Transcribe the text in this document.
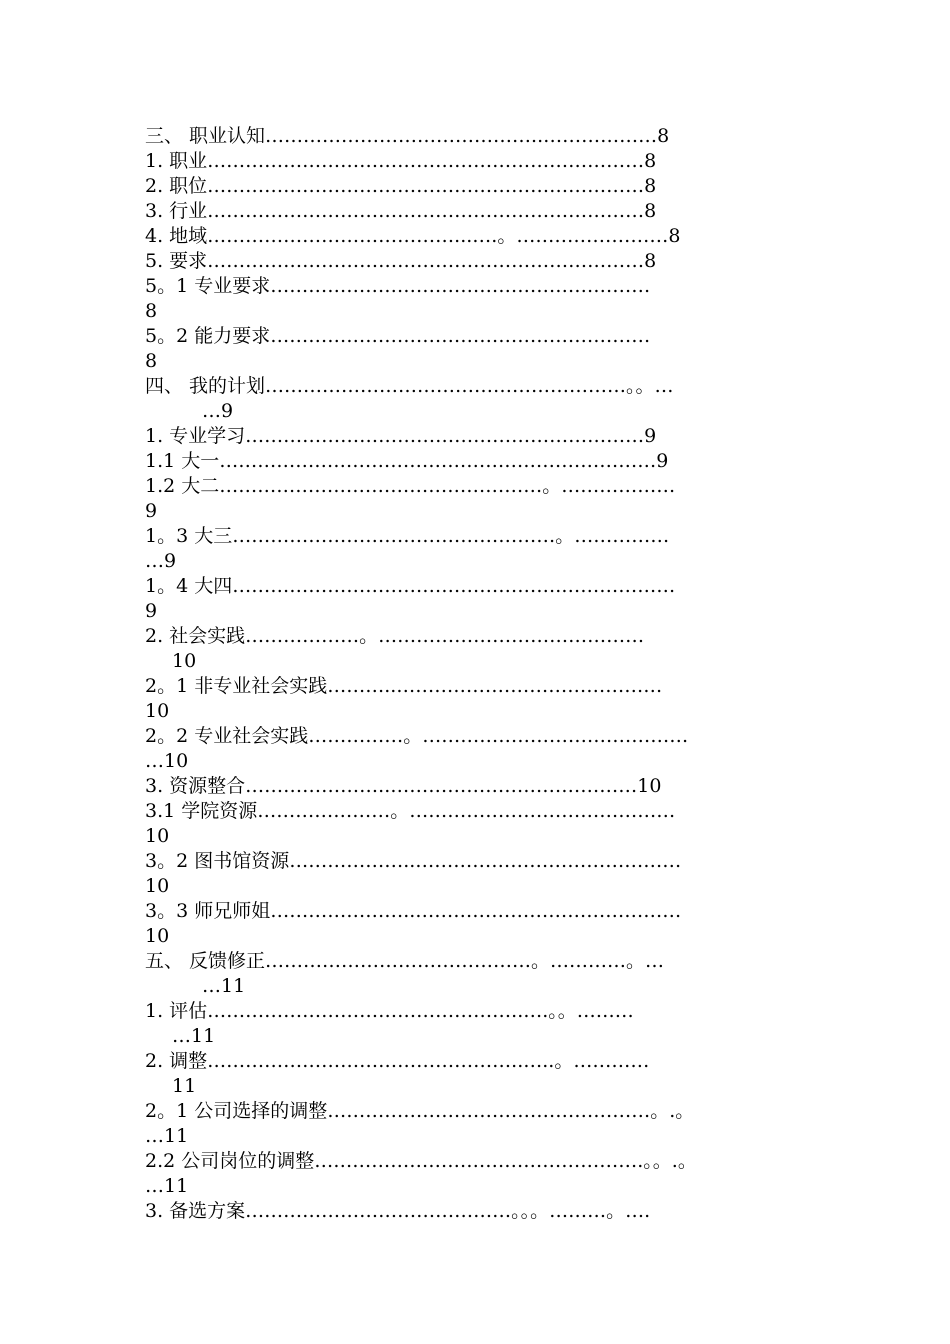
三、 职业认知……………………………………..………………8
1. 职业……………………………………………………………8
2. 职位……………………………………………………………8
3. 行业……………………………………………………………8
4. 地域…………………………………...….。……………………8
5. 要求……………………………………………………………8
5。1 专业要求……………………………………………………
8
5。2 能力要求……………………………………………………
8
四、 我的计划…………………………………………………。。…
…9
1. 专业学习………………………………………………………9
1.1 大一……………………………………………………………9
1.2 大二……………………………………………。………………
9
1。3 大三……………………………………………。……………
…9
1。4 大四…………………………………………….………………
9
2. 社会实践………………。……………………………………
10
2。1 非专业社会实践………..……………………………………
10
2。2 专业社会实践……………。……………………………………
…10
3. 资源整合…………………..…………………………………10
3.1 学院资源…………………。……………………………………
10
3。2 图书馆资源………………..……………………………………
10
3。3 师兄师姐…………………..……………………………………
10
五、 反馈修正……………………………………。…………。…
…11
1. 评估…………………………………………..….。。………
…11
2. 调整…………………………………………..…..。…………
11
2。1 公司选择的调整……………………………………………。.。
…11
2.2 公司岗位的调整…………………………………………….。。.。
…11
3. 备选方案……………………………………。。。………。….
